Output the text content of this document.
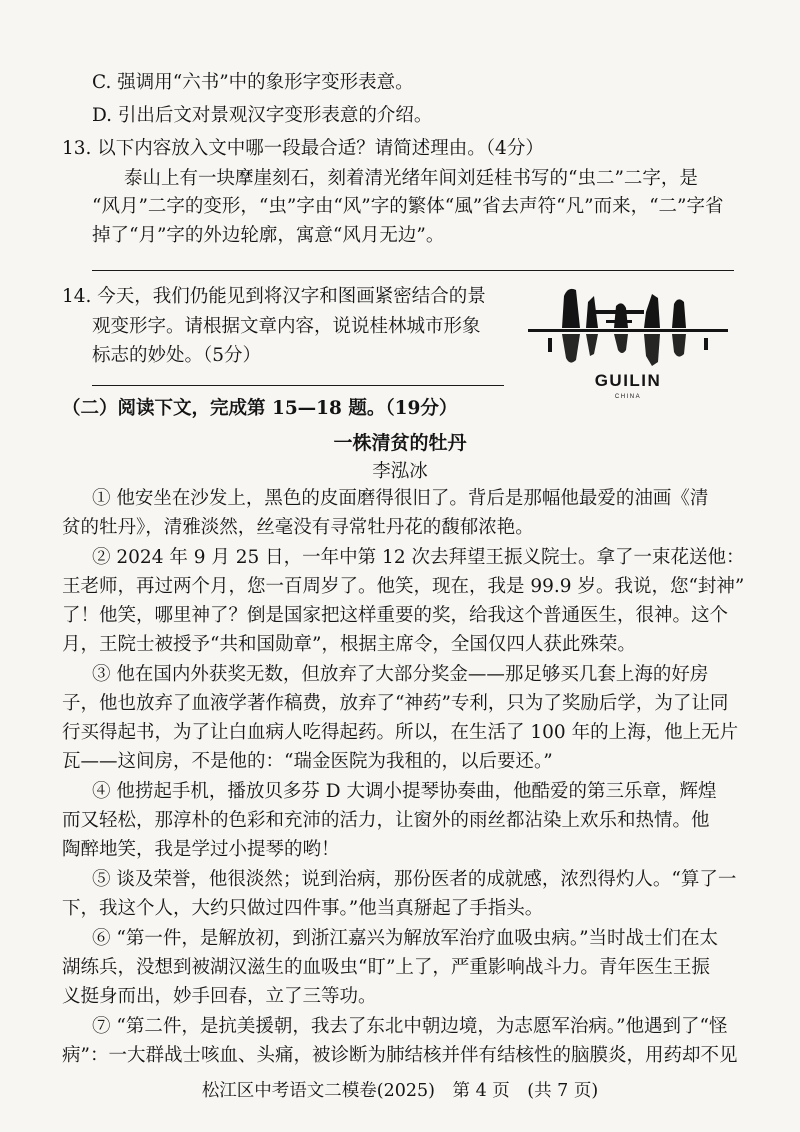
C. 强调用“六书”中的象形字变形表意。
D. 引出后文对景观汉字变形表意的介绍。
13. 以下内容放入文中哪一段最合适？请简述理由。（4分）
泰山上有一块摩崖刻石，刻着清光绪年间刘廷桂书写的“虫二”二字，是
“风月”二字的变形，“虫”字由“风”字的繁体“風”省去声符“凡”而来，“二”字省
掉了“月”字的外边轮廓，寓意“风月无边”。
14. 今天，我们仍能见到将汉字和图画紧密结合的景
观变形字。请根据文章内容，说说桂林城市形象
标志的妙处。（5分）
GUILIN
CHINA
（二）阅读下文，完成第 15—18 题。（19分）
一株清贫的牡丹
李泓冰
① 他安坐在沙发上，黑色的皮面磨得很旧了。背后是那幅他最爱的油画《清
贫的牡丹》，清雅淡然，丝毫没有寻常牡丹花的馥郁浓艳。
② 2024 年 9 月 25 日，一年中第 12 次去拜望王振义院士。拿了一束花送他：
王老师，再过两个月，您一百周岁了。他笑，现在，我是 99.9 岁。我说，您“封神”
了！他笑，哪里神了？倒是国家把这样重要的奖，给我这个普通医生，很神。这个
月，王院士被授予“共和国勋章”，根据主席令，全国仅四人获此殊荣。
③ 他在国内外获奖无数，但放弃了大部分奖金——那足够买几套上海的好房
子，他也放弃了血液学著作稿费，放弃了“神药”专利，只为了奖励后学，为了让同
行买得起书，为了让白血病人吃得起药。所以，在生活了 100 年的上海，他上无片
瓦——这间房，不是他的：“瑞金医院为我租的，以后要还。”
④ 他捞起手机，播放贝多芬 D 大调小提琴协奏曲，他酷爱的第三乐章，辉煌
而又轻松，那淳朴的色彩和充沛的活力，让窗外的雨丝都沾染上欢乐和热情。他
陶醉地笑，我是学过小提琴的哟！
⑤ 谈及荣誉，他很淡然；说到治病，那份医者的成就感，浓烈得灼人。“算了一
下，我这个人，大约只做过四件事。”他当真掰起了手指头。
⑥ “第一件，是解放初，到浙江嘉兴为解放军治疗血吸虫病。”当时战士们在太
湖练兵，没想到被湖汉滋生的血吸虫“盯”上了，严重影响战斗力。青年医生王振
义挺身而出，妙手回春，立了三等功。
⑦ “第二件，是抗美援朝，我去了东北中朝边境，为志愿军治病。”他遇到了“怪
病”：一大群战士咳血、头痛，被诊断为肺结核并伴有结核性的脑膜炎，用药却不见
松江区中考语文二模卷(2025)　第 4 页　(共 7 页)
